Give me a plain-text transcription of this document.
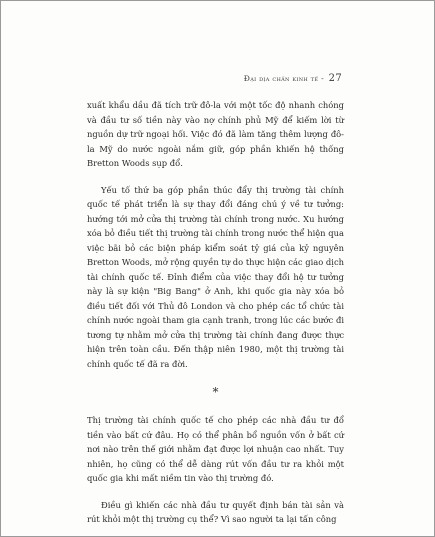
Đại dịa chấn kinh tế - 27

xuất khẩu dầu đã tích trữ đô-la với một tốc độ nhanh chóng và đầu tư số tiền này vào nợ chính phủ Mỹ để kiếm lời từ nguồn dự trữ ngoại hối. Việc đó đã làm tăng thêm lượng đô-la Mỹ do nước ngoài nắm giữ, góp phần khiến hệ thống Bretton Woods sụp đổ.

Yếu tố thứ ba góp phần thúc đẩy thị trường tài chính quốc tế phát triển là sự thay đổi đáng chú ý về tư tưởng: hướng tới mở cửa thị trường tài chính trong nước. Xu hướng xóa bỏ điều tiết thị trường tài chính trong nước thể hiện qua việc bãi bỏ các biện pháp kiểm soát tỷ giá của kỷ nguyên Bretton Woods, mở rộng quyền tự do thực hiện các giao dịch tài chính quốc tế. Đỉnh điểm của việc thay đổi hệ tư tưởng này là sự kiện "Big Bang" ở Anh, khi quốc gia này xóa bỏ điều tiết đối với Thủ đô London và cho phép các tổ chức tài chính nước ngoài tham gia cạnh tranh, trong lúc các bước đi tương tự nhằm mở cửa thị trường tài chính đang được thực hiện trên toàn cầu. Đến thập niên 1980, một thị trường tài chính quốc tế đã ra đời.

*

Thị trường tài chính quốc tế cho phép các nhà đầu tư đổ tiền vào bất cứ đâu. Họ có thể phân bổ nguồn vốn ở bất cứ nơi nào trên thế giới nhằm đạt được lợi nhuận cao nhất. Tuy nhiên, họ cũng có thể dễ dàng rút vốn đầu tư ra khỏi một quốc gia khi mất niềm tin vào thị trường đó.

Điều gì khiến các nhà đầu tư quyết định bán tài sản và rút khỏi một thị trường cụ thể? Vì sao người ta lại tấn công
